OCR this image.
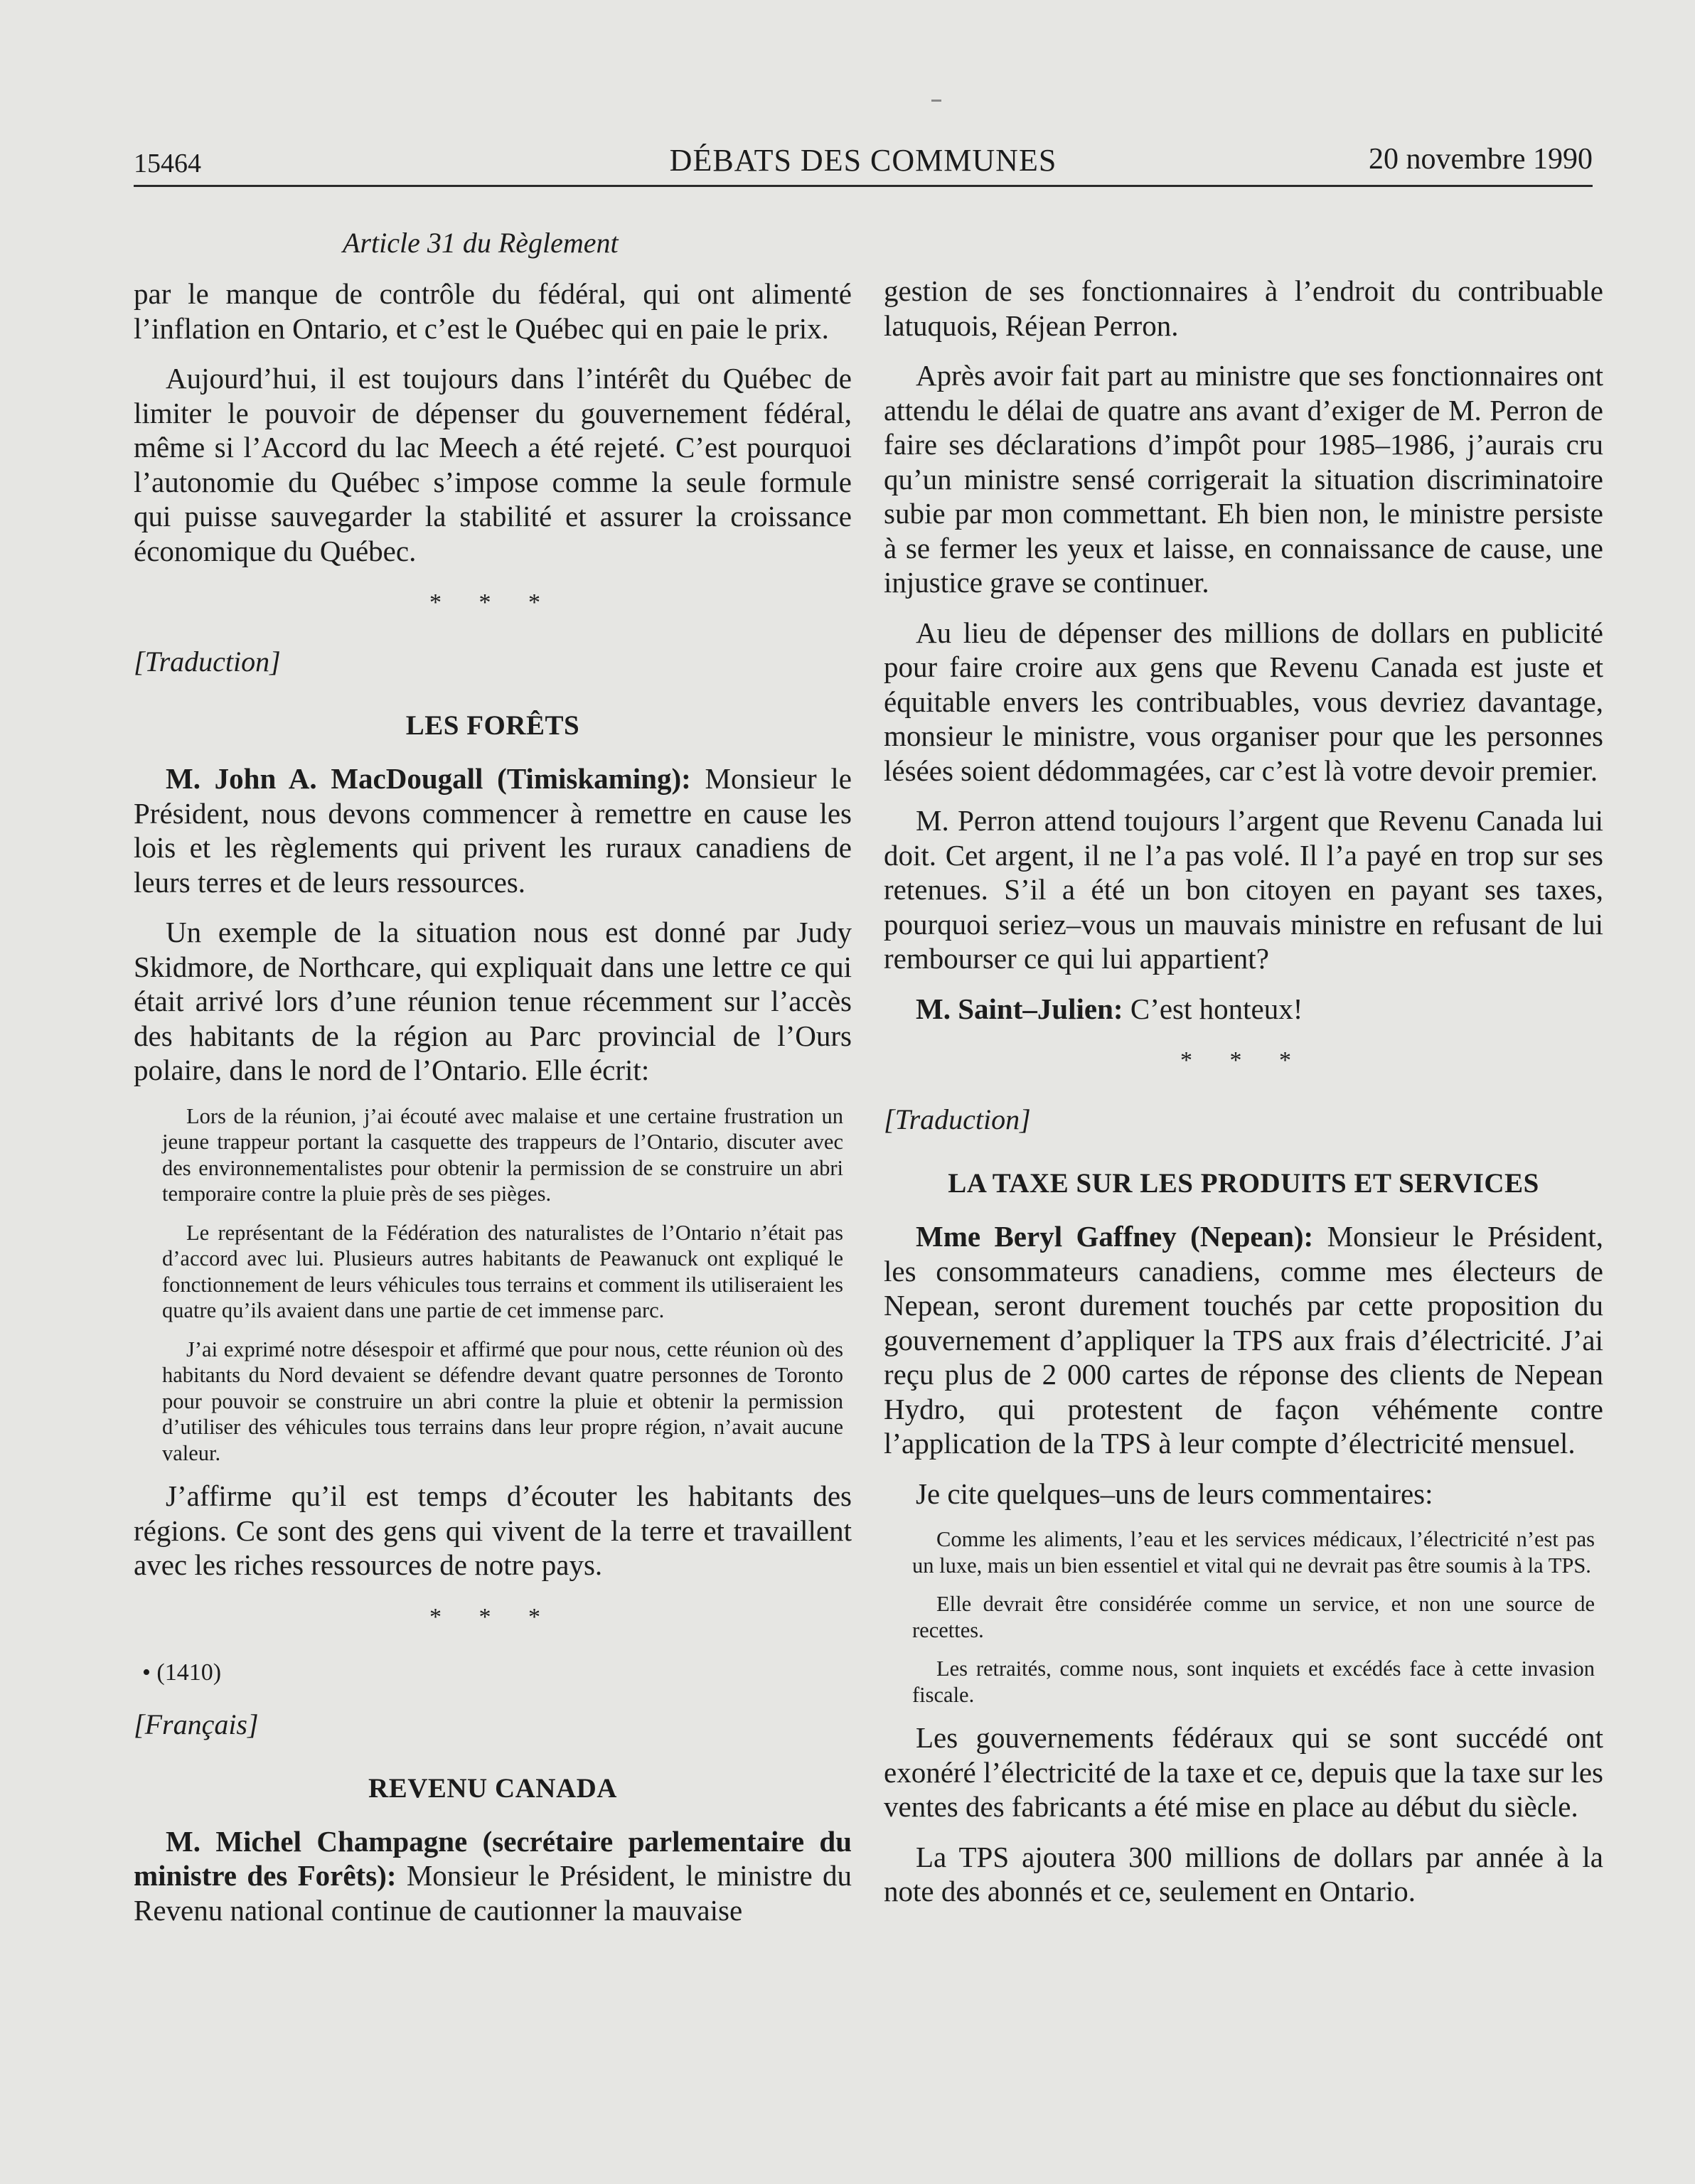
15464	DÉBATS DES COMMUNES	20 novembre 1990
Article 31 du Règlement

par le manque de contrôle du fédéral, qui ont alimenté l’inflation en Ontario, et c’est le Québec qui en paie le prix.

Aujourd’hui, il est toujours dans l’intérêt du Québec de limiter le pouvoir de dépenser du gouvernement fédéral, même si l’Accord du lac Meech a été rejeté. C’est pourquoi l’autonomie du Québec s’impose comme la seule formule qui puisse sauvegarder la stabilité et assurer la croissance économique du Québec.

* * *
[Traduction]
LES FORÊTS

M. John A. MacDougall (Timiskaming): Monsieur le Président, nous devons commencer à remettre en cause les lois et les règlements qui privent les ruraux canadiens de leurs terres et de leurs ressources.

Un exemple de la situation nous est donné par Judy Skidmore, de Northcare, qui expliquait dans une lettre ce qui était arrivé lors d’une réunion tenue récemment sur l’accès des habitants de la région au Parc provincial de l’Ours polaire, dans le nord de l’Ontario. Elle écrit:

Lors de la réunion, j’ai écouté avec malaise et une certaine frustration un jeune trappeur portant la casquette des trappeurs de l’Ontario, discuter avec des environnementalistes pour obtenir la permission de se construire un abri temporaire contre la pluie près de ses pièges.

Le représentant de la Fédération des naturalistes de l’Ontario n’était pas d’accord avec lui. Plusieurs autres habitants de Peawanuck ont expliqué le fonctionnement de leurs véhicules tous terrains et comment ils utiliseraient les quatre qu’ils avaient dans une partie de cet immense parc.

J’ai exprimé notre désespoir et affirmé que pour nous, cette réunion où des habitants du Nord devaient se défendre devant quatre personnes de Toronto pour pouvoir se construire un abri contre la pluie et obtenir la permission d’utiliser des véhicules tous terrains dans leur propre région, n’avait aucune valeur.

J’affirme qu’il est temps d’écouter les habitants des régions. Ce sont des gens qui vivent de la terre et travaillent avec les riches ressources de notre pays.

* * *
• (1410)
[Français]
REVENU CANADA

M. Michel Champagne (secrétaire parlementaire du ministre des Forêts): Monsieur le Président, le ministre du Revenu national continue de cautionner la mauvaise

gestion de ses fonctionnaires à l’endroit du contribuable latuquois, Réjean Perron.

Après avoir fait part au ministre que ses fonctionnaires ont attendu le délai de quatre ans avant d’exiger de M. Perron de faire ses déclarations d’impôt pour 1985–1986, j’aurais cru qu’un ministre sensé corrigerait la situation discriminatoire subie par mon commettant. Eh bien non, le ministre persiste à se fermer les yeux et laisse, en connaissance de cause, une injustice grave se continuer.

Au lieu de dépenser des millions de dollars en publicité pour faire croire aux gens que Revenu Canada est juste et équitable envers les contribuables, vous devriez davantage, monsieur le ministre, vous organiser pour que les personnes lésées soient dédommagées, car c’est là votre devoir premier.

M. Perron attend toujours l’argent que Revenu Canada lui doit. Cet argent, il ne l’a pas volé. Il l’a payé en trop sur ses retenues. S’il a été un bon citoyen en payant ses taxes, pourquoi seriez–vous un mauvais ministre en refusant de lui rembourser ce qui lui appartient?

M. Saint–Julien: C’est honteux!

* * *
[Traduction]
LA TAXE SUR LES PRODUITS ET SERVICES

Mme Beryl Gaffney (Nepean): Monsieur le Président, les consommateurs canadiens, comme mes électeurs de Nepean, seront durement touchés par cette proposition du gouvernement d’appliquer la TPS aux frais d’électricité. J’ai reçu plus de 2 000 cartes de réponse des clients de Nepean Hydro, qui protestent de façon véhémente contre l’application de la TPS à leur compte d’électricité mensuel.

Je cite quelques–uns de leurs commentaires:

Comme les aliments, l’eau et les services médicaux, l’électricité n’est pas un luxe, mais un bien essentiel et vital qui ne devrait pas être soumis à la TPS.

Elle devrait être considérée comme un service, et non une source de recettes.

Les retraités, comme nous, sont inquiets et excédés face à cette invasion fiscale.

Les gouvernements fédéraux qui se sont succédé ont exonéré l’électricité de la taxe et ce, depuis que la taxe sur les ventes des fabricants a été mise en place au début du siècle.

La TPS ajoutera 300 millions de dollars par année à la note des abonnés et ce, seulement en Ontario.
